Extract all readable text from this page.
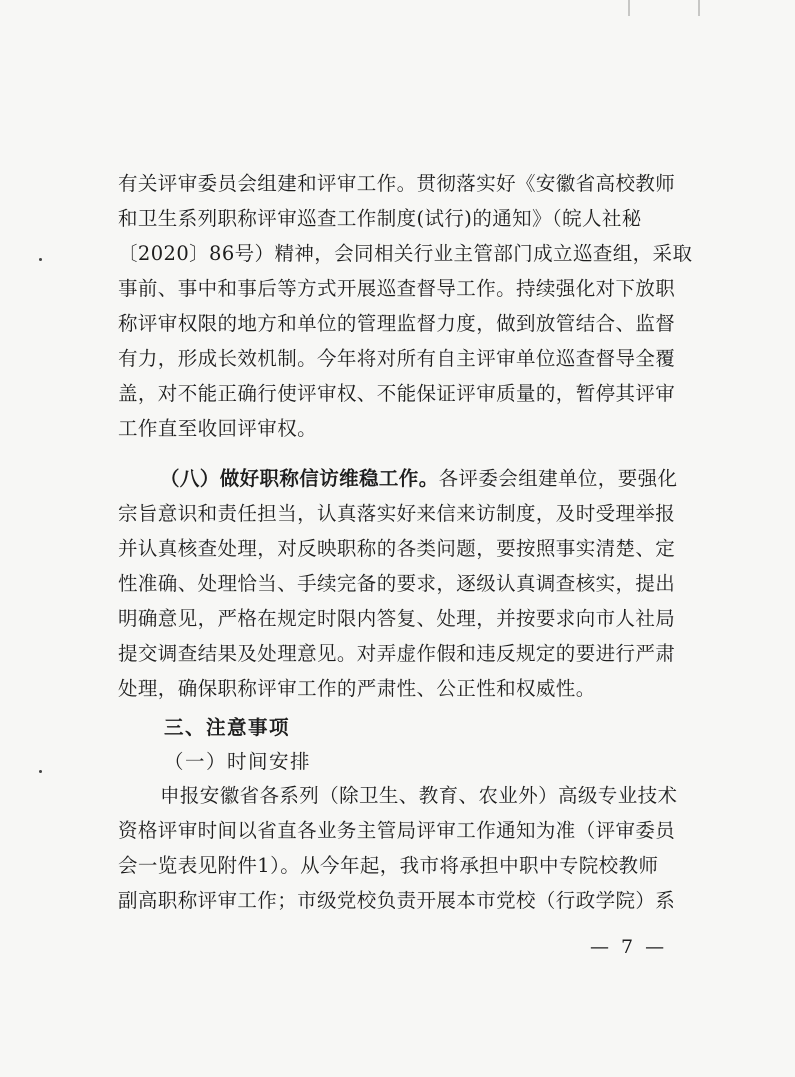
有关评审委员会组建和评审工作。贯彻落实好《安徽省高校教师
和卫生系列职称评审巡查工作制度(试行)的通知》（皖人社秘
〔2020〕86号）精神，会同相关行业主管部门成立巡查组，采取
事前、事中和事后等方式开展巡查督导工作。持续强化对下放职
称评审权限的地方和单位的管理监督力度，做到放管结合、监督
有力，形成长效机制。今年将对所有自主评审单位巡查督导全覆
盖，对不能正确行使评审权、不能保证评审质量的，暂停其评审
工作直至收回评审权。
（八）做好职称信访维稳工作。各评委会组建单位，要强化
宗旨意识和责任担当，认真落实好来信来访制度，及时受理举报
并认真核查处理，对反映职称的各类问题，要按照事实清楚、定
性准确、处理恰当、手续完备的要求，逐级认真调查核实，提出
明确意见，严格在规定时限内答复、处理，并按要求向市人社局
提交调查结果及处理意见。对弄虚作假和违反规定的要进行严肃
处理，确保职称评审工作的严肃性、公正性和权威性。
三、注意事项
（一）时间安排
申报安徽省各系列（除卫生、教育、农业外）高级专业技术
资格评审时间以省直各业务主管局评审工作通知为准（评审委员
会一览表见附件1）。从今年起，我市将承担中职中专院校教师
副高职称评审工作；市级党校负责开展本市党校（行政学院）系
— 7 —
